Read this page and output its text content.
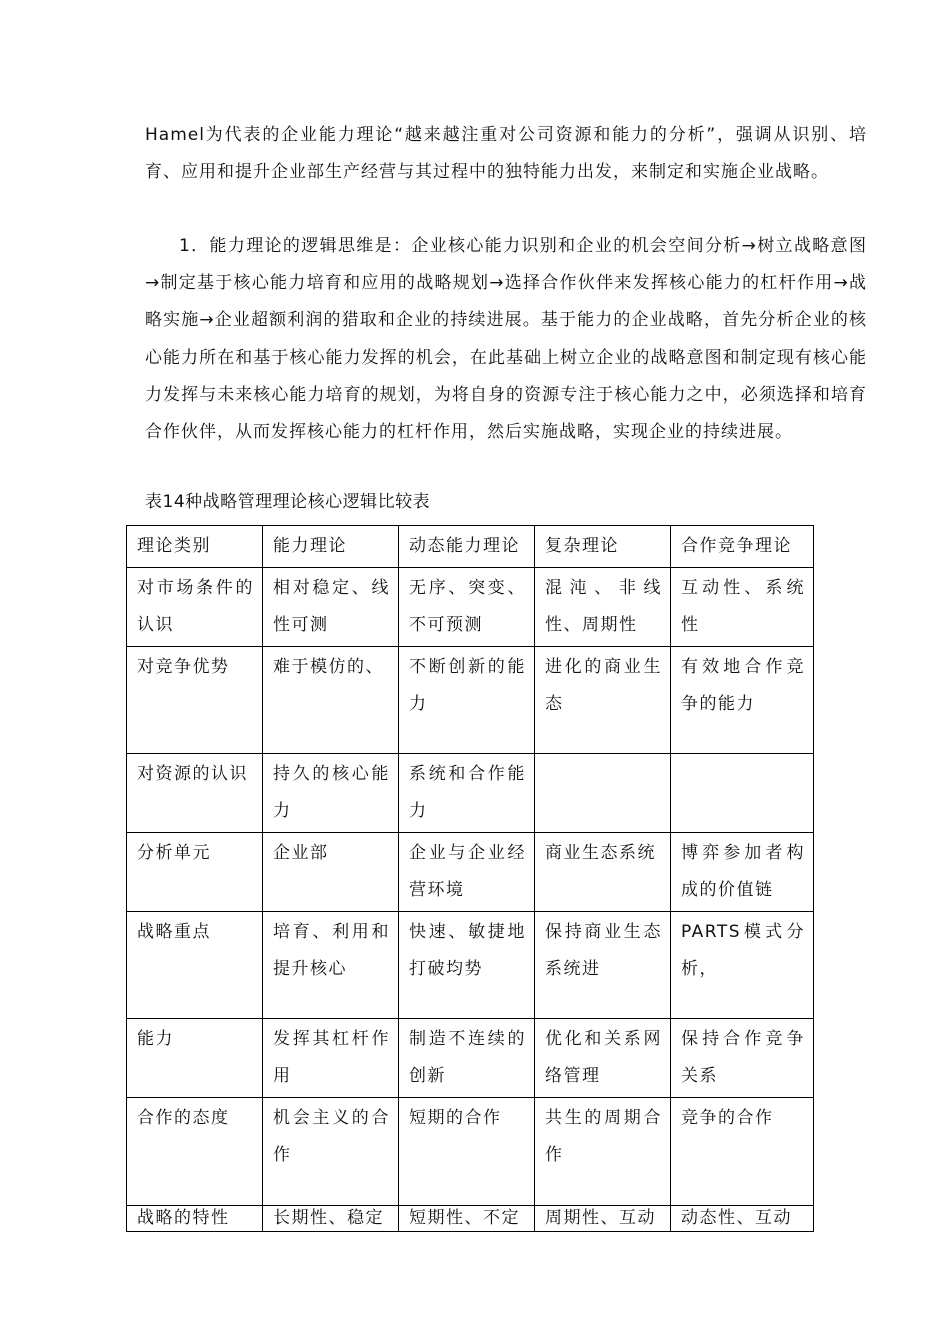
Hamel为代表的企业能力理论“越来越注重对公司资源和能力的分析”，强调从识别、培育、应用和提升企业部生产经营与其过程中的独特能力出发，来制定和实施企业战略。

1．能力理论的逻辑思维是：企业核心能力识别和企业的机会空间分析→树立战略意图→制定基于核心能力培育和应用的战略规划→选择合作伙伴来发挥核心能力的杠杆作用→战略实施→企业超额利润的猎取和企业的持续进展。基于能力的企业战略，首先分析企业的核心能力所在和基于核心能力发挥的机会，在此基础上树立企业的战略意图和制定现有核心能力发挥与未来核心能力培育的规划，为将自身的资源专注于核心能力之中，必须选择和培育合作伙伴，从而发挥核心能力的杠杆作用，然后实施战略，实现企业的持续进展。

表14种战略管理理论核心逻辑比较表

理论类别	能力理论	动态能力理论	复杂理论	合作竞争理论
对市场条件的认识	相对稳定、线性可测	无序、突变、不可预测	混沌、非线性、周期性	互动性、系统性
对竞争优势	难于模仿的、	不断创新的能力	进化的商业生态	有效地合作竞争的能力
对资源的认识	持久的核心能力	系统和合作能力		
分析单元	企业部	企业与企业经营环境	商业生态系统	博弈参加者构成的价值链
战略重点	培育、利用和提升核心	快速、敏捷地打破均势	保持商业生态系统进	PARTS模式分析，
能力	发挥其杠杆作用	制造不连续的创新	优化和关系网络管理	保持合作竞争关系
合作的态度	机会主义的合作	短期的合作	共生的周期合作	竞争的合作
战略的特性	长期性、稳定	短期性、不定	周期性、互动	动态性、互动
